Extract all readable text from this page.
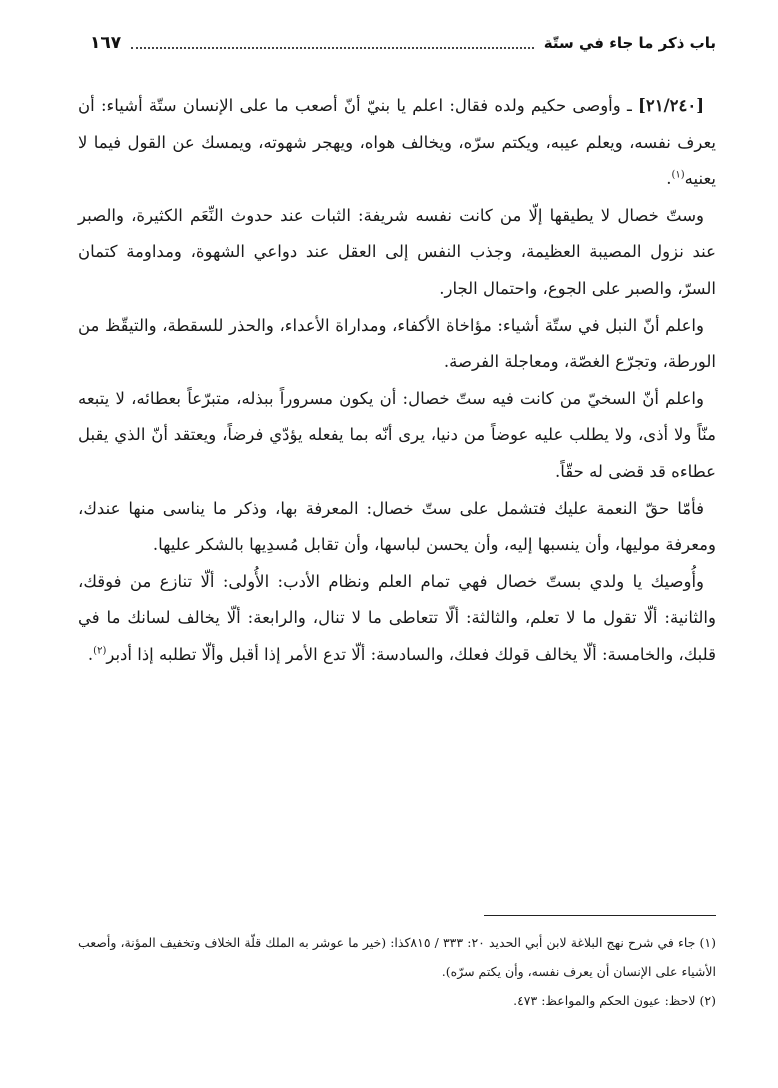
باب ذكر ما جاء في ستّة
١٦٧

[٢١/٢٤٠] ـ وأوصى حكيم ولده فقال: اعلم يا بنيّ أنّ أصعب ما على الإنسان ستّة أشياء: أن يعرف نفسه، ويعلم عيبه، ويكتم سرّه، ويخالف هواه، ويهجر شهوته، ويمسك عن القول فيما لا يعنيه$^{(١)}$.

وستّ خصال لا يطيقها إلّا من كانت نفسه شريفة: الثبات عند حدوث النِّعَم الكثيرة، والصبر عند نزول المصيبة العظيمة، وجذب النفس إلى العقل عند دواعي الشهوة، ومداومة كتمان السرّ، والصبر على الجوع، واحتمال الجار.

واعلم أنّ النبل في ستّة أشياء: مؤاخاة الأكفاء، ومداراة الأعداء، والحذر للسقطة، والتيقّظ من الورطة، وتجرّع الغصّة، ومعاجلة الفرصة.

واعلم أنّ السخيّ من كانت فيه ستّ خصال: أن يكون مسروراً ببذله، متبرّعاً بعطائه، لا يتبعه منّاً ولا أذى، ولا يطلب عليه عوضاً من دنيا، يرى أنّه بما يفعله يؤدّي فرضاً، ويعتقد أنّ الذي يقبل عطاءه قد قضى له حقّاً.

فأمّا حقّ النعمة عليك فتشمل على ستّ خصال: المعرفة بها، وذكر ما يناسى منها عندك، ومعرفة موليها، وأن ينسبها إليه، وأن يحسن لباسها، وأن تقابل مُسدِيها بالشكر عليها.

وأُوصيك يا ولدي بستّ خصال فهي تمام العلم ونظام الأدب: الأُولى: ألّا تنازع من فوقك، والثانية: ألّا تقول ما لا تعلم، والثالثة: ألّا تتعاطى ما لا تنال، والرابعة: ألّا يخالف لسانك ما في قلبك، والخامسة: ألّا يخالف قولك فعلك، والسادسة: ألّا تدع الأمر إذا أقبل وألّا تطلبه إذا أدبر$^{(٢)}$.

(١) جاء في شرح نهج البلاغة لابن أبي الحديد ٢٠: ٣٣٣ / ٨١٥كذا: (خير ما عوشر به الملك قلّة الخلاف وتخفيف المؤنة، وأصعب الأشياء على الإنسان أن يعرف نفسه، وأن يكتم سرّه).

(٢) لاحظ: عيون الحكم والمواعظ: ٤٧٣.
